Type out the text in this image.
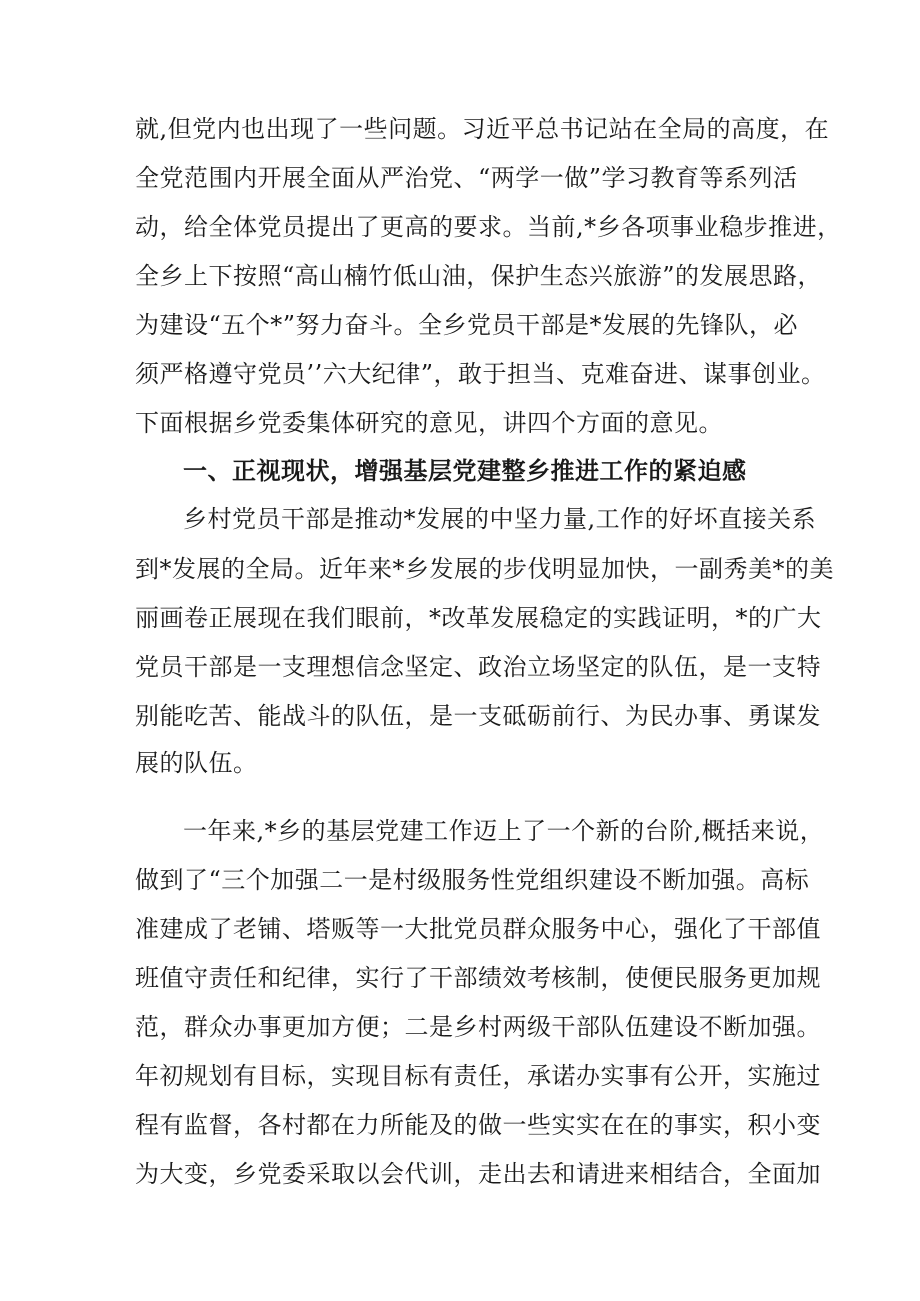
就,但党内也出现了一些问题。习近平总书记站在全局的高度，在
全党范围内开展全面从严治党、“两学一做”学习教育等系列活
动，给全体党员提出了更高的要求。当前,*乡各项事业稳步推进，
全乡上下按照“高山楠竹低山油，保护生态兴旅游”的发展思路，
为建设“五个*”努力奋斗。全乡党员干部是*发展的先锋队，必
须严格遵守党员’’六大纪律”，敢于担当、克难奋进、谋事创业。
下面根据乡党委集体研究的意见，讲四个方面的意见。
一、正视现状，增强基层党建整乡推进工作的紧迫感
乡村党员干部是推动*发展的中坚力量,工作的好坏直接关系
到*发展的全局。近年来*乡发展的步伐明显加快，一副秀美*的美
丽画卷正展现在我们眼前，*改革发展稳定的实践证明，*的广大
党员干部是一支理想信念坚定、政治立场坚定的队伍，是一支特
别能吃苦、能战斗的队伍，是一支砥砺前行、为民办事、勇谋发
展的队伍。
一年来,*乡的基层党建工作迈上了一个新的台阶,概括来说，
做到了“三个加强二一是村级服务性党组织建设不断加强。高标
准建成了老铺、塔贩等一大批党员群众服务中心，强化了干部值
班值守责任和纪律，实行了干部绩效考核制，使便民服务更加规
范，群众办事更加方便；二是乡村两级干部队伍建设不断加强。
年初规划有目标，实现目标有责任，承诺办实事有公开，实施过
程有监督，各村都在力所能及的做一些实实在在的事实，积小变
为大变，乡党委采取以会代训，走出去和请进来相结合，全面加
